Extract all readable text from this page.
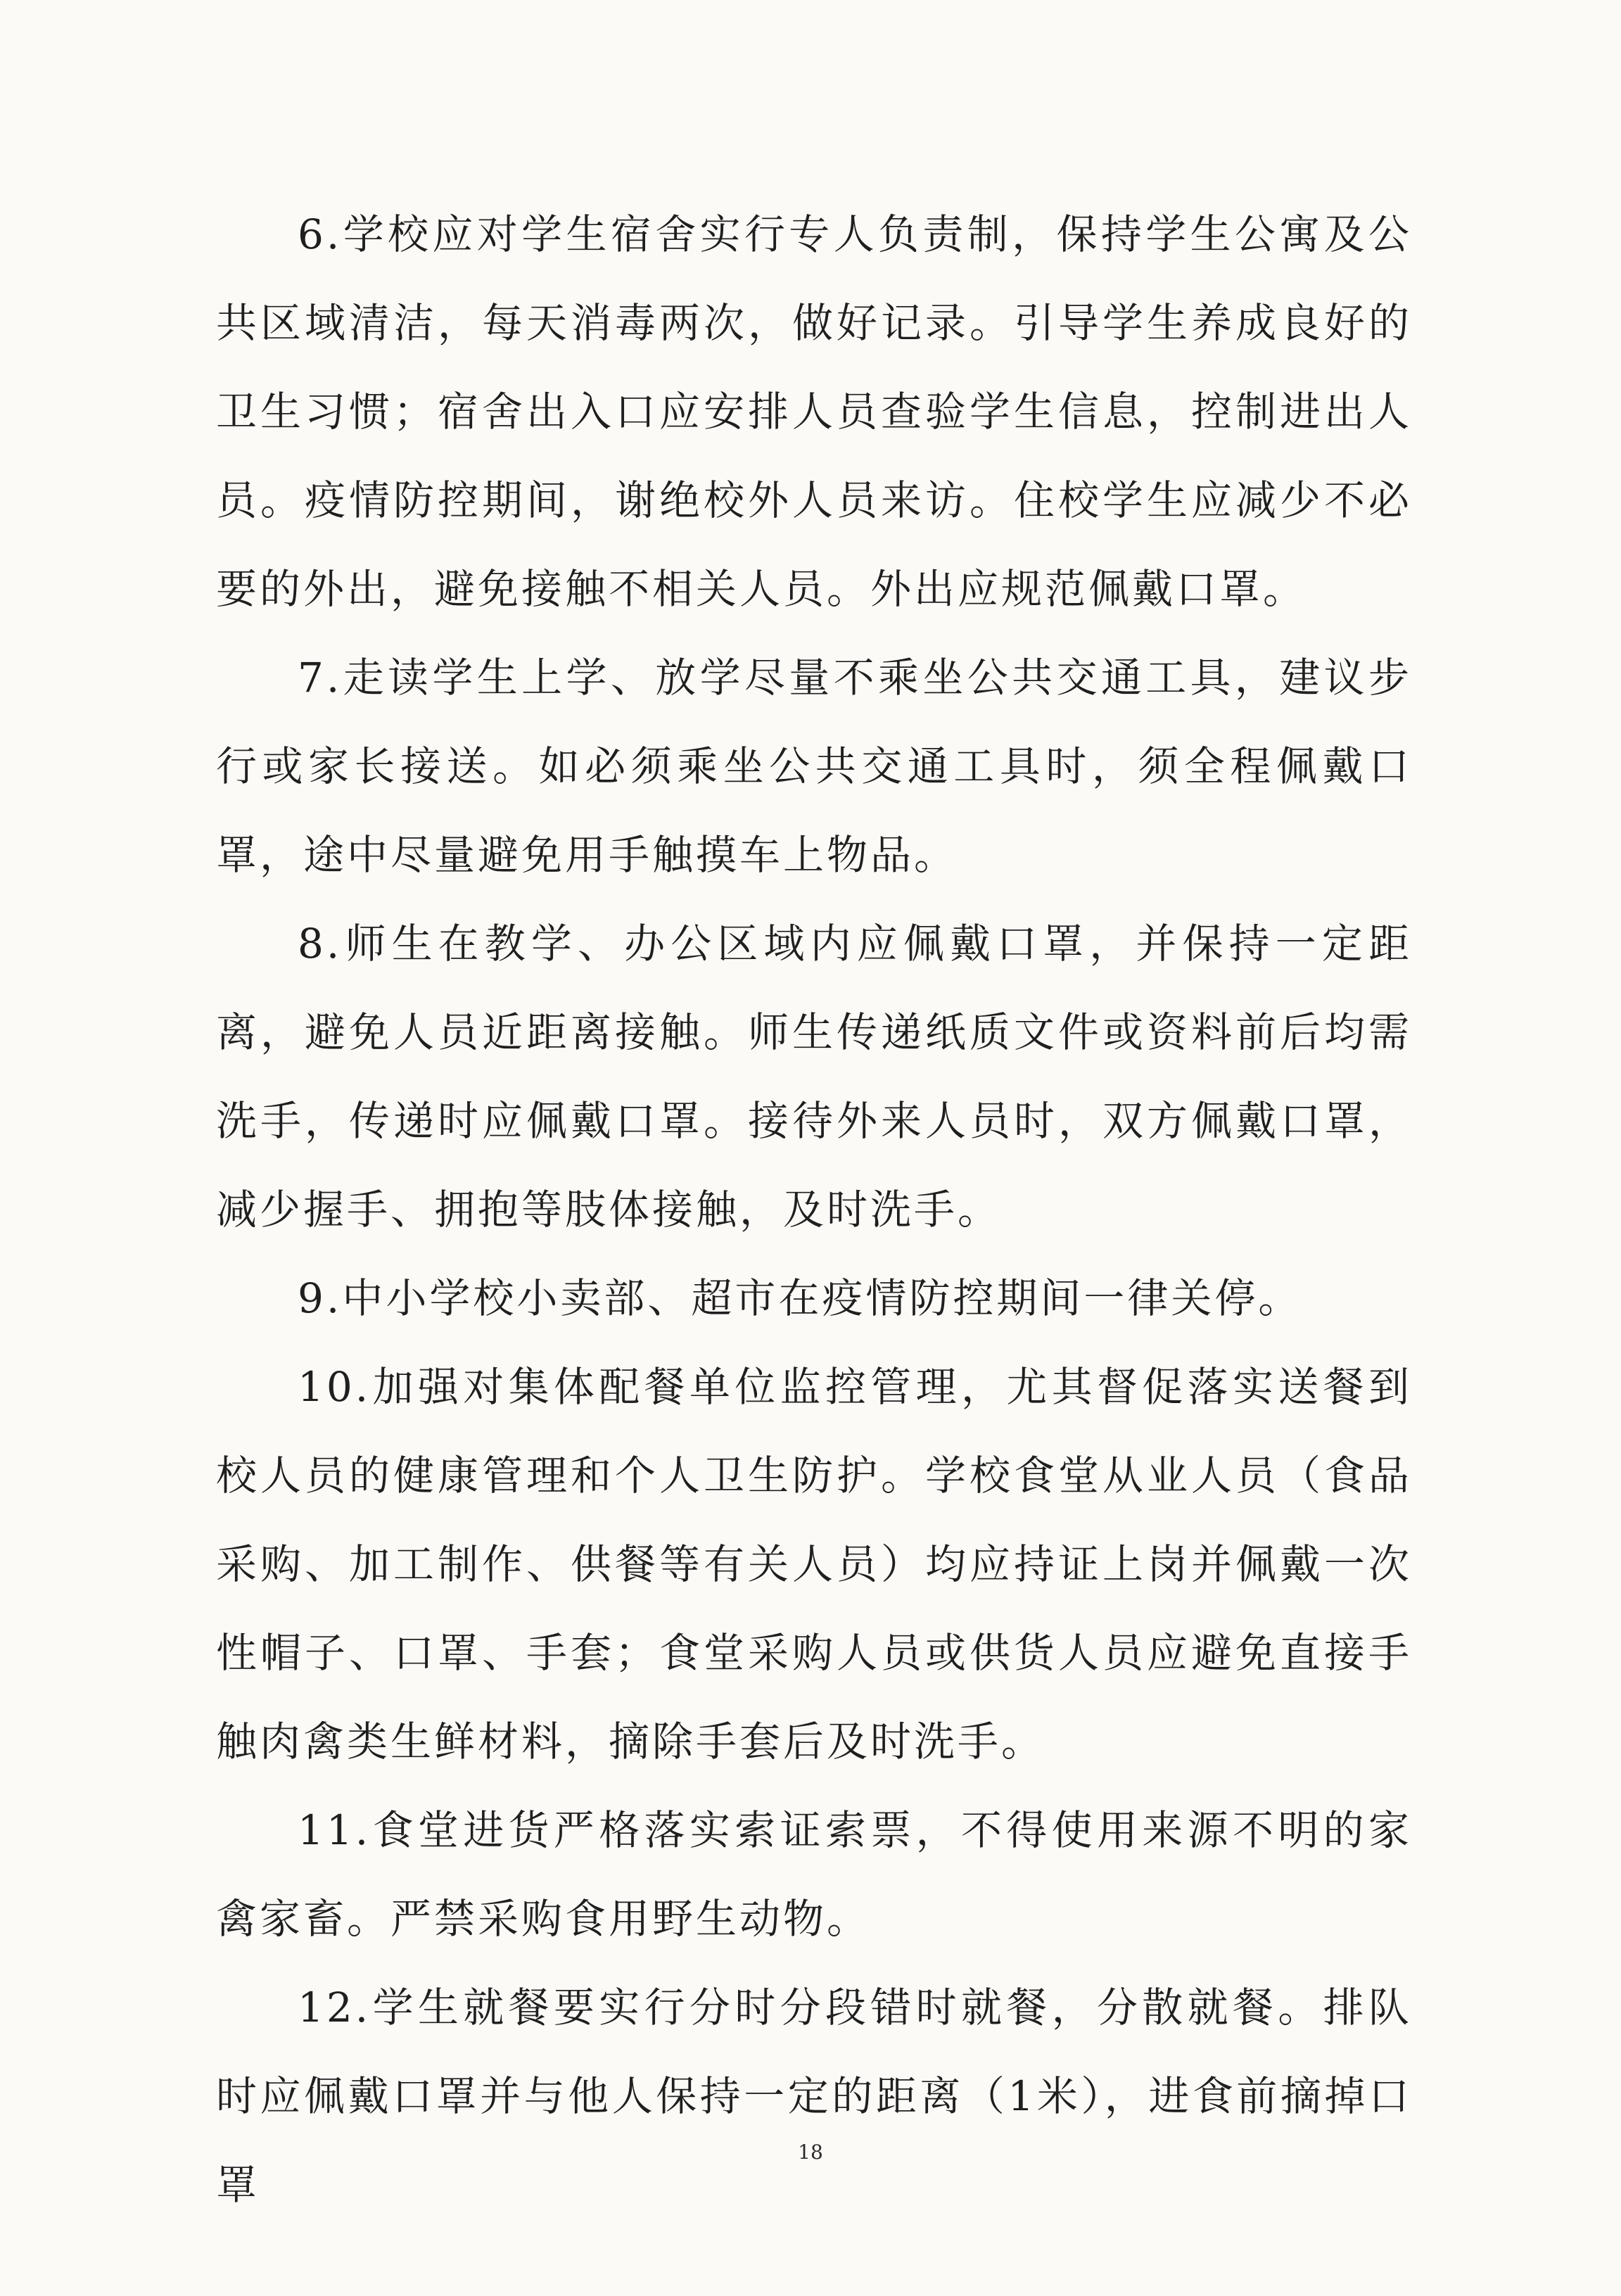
6.学校应对学生宿舍实行专人负责制，保持学生公寓及公共区域清洁，每天消毒两次，做好记录。引导学生养成良好的卫生习惯；宿舍出入口应安排人员查验学生信息，控制进出人员。疫情防控期间，谢绝校外人员来访。住校学生应减少不必要的外出，避免接触不相关人员。外出应规范佩戴口罩。

7.走读学生上学、放学尽量不乘坐公共交通工具，建议步行或家长接送。如必须乘坐公共交通工具时，须全程佩戴口罩，途中尽量避免用手触摸车上物品。

8.师生在教学、办公区域内应佩戴口罩，并保持一定距离，避免人员近距离接触。师生传递纸质文件或资料前后均需洗手，传递时应佩戴口罩。接待外来人员时，双方佩戴口罩，减少握手、拥抱等肢体接触，及时洗手。

9.中小学校小卖部、超市在疫情防控期间一律关停。

10.加强对集体配餐单位监控管理，尤其督促落实送餐到校人员的健康管理和个人卫生防护。学校食堂从业人员（食品采购、加工制作、供餐等有关人员）均应持证上岗并佩戴一次性帽子、口罩、手套；食堂采购人员或供货人员应避免直接手触肉禽类生鲜材料，摘除手套后及时洗手。

11.食堂进货严格落实索证索票，不得使用来源不明的家禽家畜。严禁采购食用野生动物。

12.学生就餐要实行分时分段错时就餐，分散就餐。排队时应佩戴口罩并与他人保持一定的距离（1米），进食前摘掉口罩

18
